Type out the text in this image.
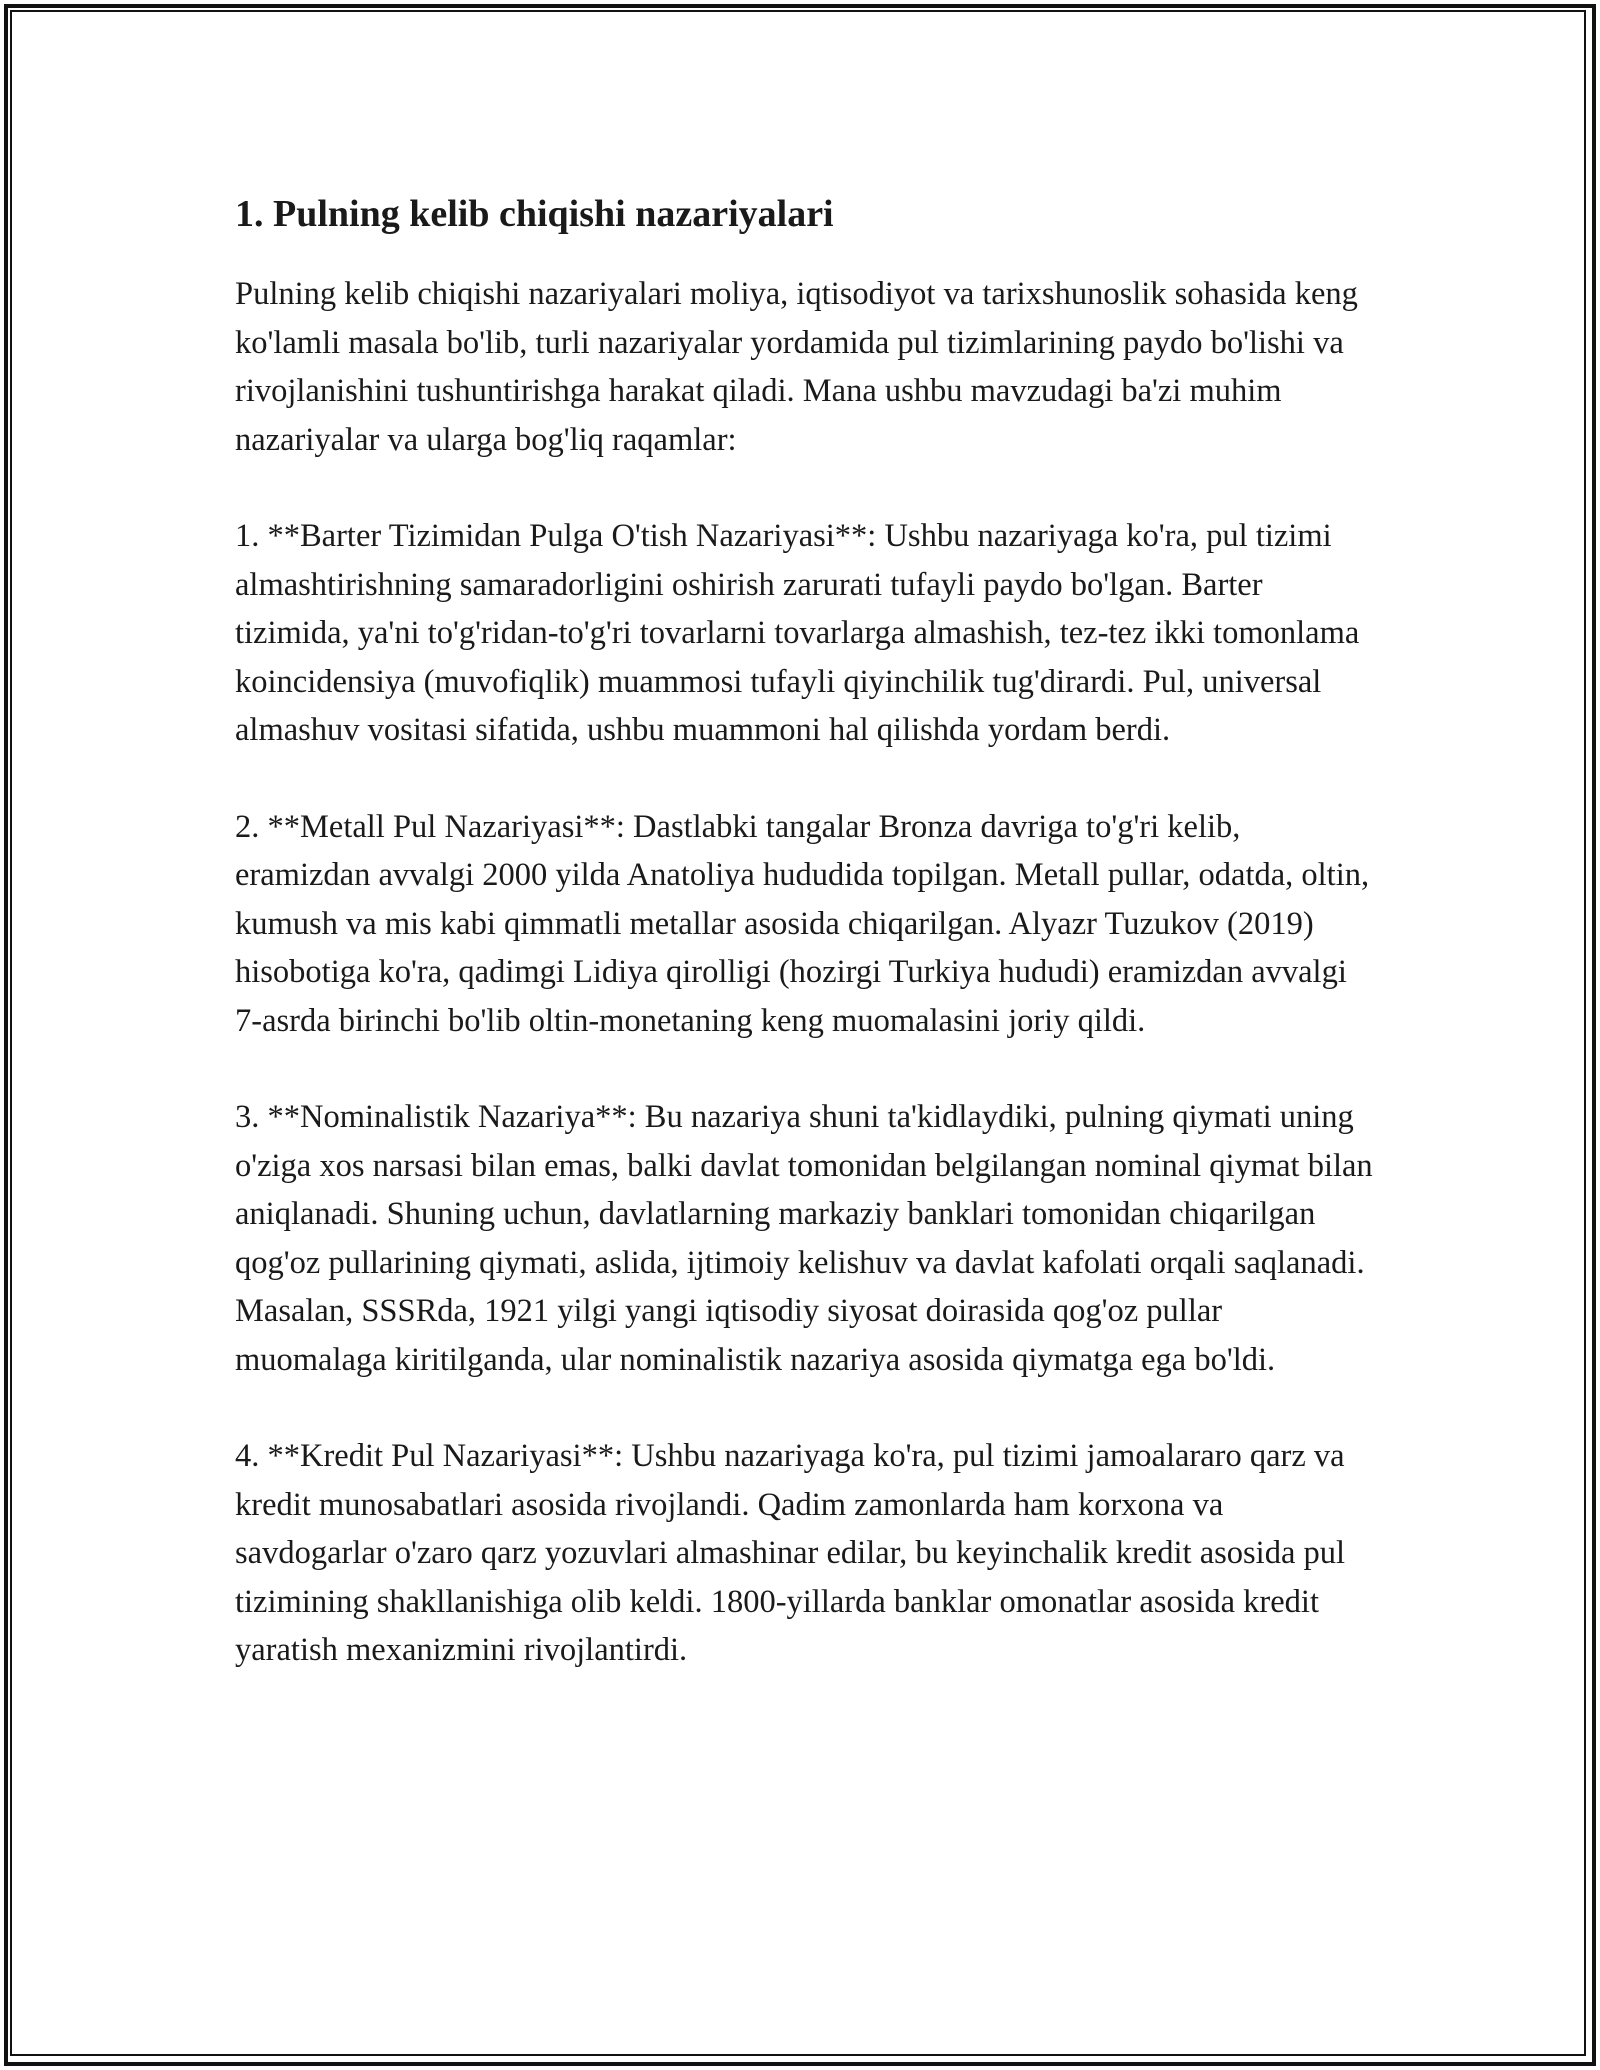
1. Pulning kelib chiqishi nazariyalari

Pulning kelib chiqishi nazariyalari moliya, iqtisodiyot va tarixshunoslik sohasida keng ko'lamli masala bo'lib, turli nazariyalar yordamida pul tizimlarining paydo bo'lishi va rivojlanishini tushuntirishga harakat qiladi. Mana ushbu mavzudagi ba'zi muhim nazariyalar va ularga bog'liq raqamlar:

1. **Barter Tizimidan Pulga O'tish Nazariyasi**: Ushbu nazariyaga ko'ra, pul tizimi almashtirishning samaradorligini oshirish zarurati tufayli paydo bo'lgan. Barter tizimida, ya'ni to'g'ridan-to'g'ri tovarlarni tovarlarga almashish, tez-tez ikki tomonlama koincidensiya (muvofiqlik) muammosi tufayli qiyinchilik tug'dirardi. Pul, universal almashuv vositasi sifatida, ushbu muammoni hal qilishda yordam berdi.

2. **Metall Pul Nazariyasi**: Dastlabki tangalar Bronza davriga to'g'ri kelib, eramizdan avvalgi 2000 yilda Anatoliya hududida topilgan. Metall pullar, odatda, oltin, kumush va mis kabi qimmatli metallar asosida chiqarilgan. Alyazr Tuzukov (2019) hisobotiga ko'ra, qadimgi Lidiya qirolligi (hozirgi Turkiya hududi) eramizdan avvalgi 7-asrda birinchi bo'lib oltin-monetaning keng muomalasini joriy qildi.

3. **Nominalistik Nazariya**: Bu nazariya shuni ta'kidlaydiki, pulning qiymati uning o'ziga xos narsasi bilan emas, balki davlat tomonidan belgilangan nominal qiymat bilan aniqlanadi. Shuning uchun, davlatlarning markaziy banklari tomonidan chiqarilgan qog'oz pullarining qiymati, aslida, ijtimoiy kelishuv va davlat kafolati orqali saqlanadi. Masalan, SSSRda, 1921 yilgi yangi iqtisodiy siyosat doirasida qog'oz pullar muomalaga kiritilganda, ular nominalistik nazariya asosida qiymatga ega bo'ldi.

4. **Kredit Pul Nazariyasi**: Ushbu nazariyaga ko'ra, pul tizimi jamoalararo qarz va kredit munosabatlari asosida rivojlandi. Qadim zamonlarda ham korxona va savdogarlar o'zaro qarz yozuvlari almashinar edilar, bu keyinchalik kredit asosida pul tizimining shakllanishiga olib keldi. 1800-yillarda banklar omonatlar asosida kredit yaratish mexanizmini rivojlantirdi.
